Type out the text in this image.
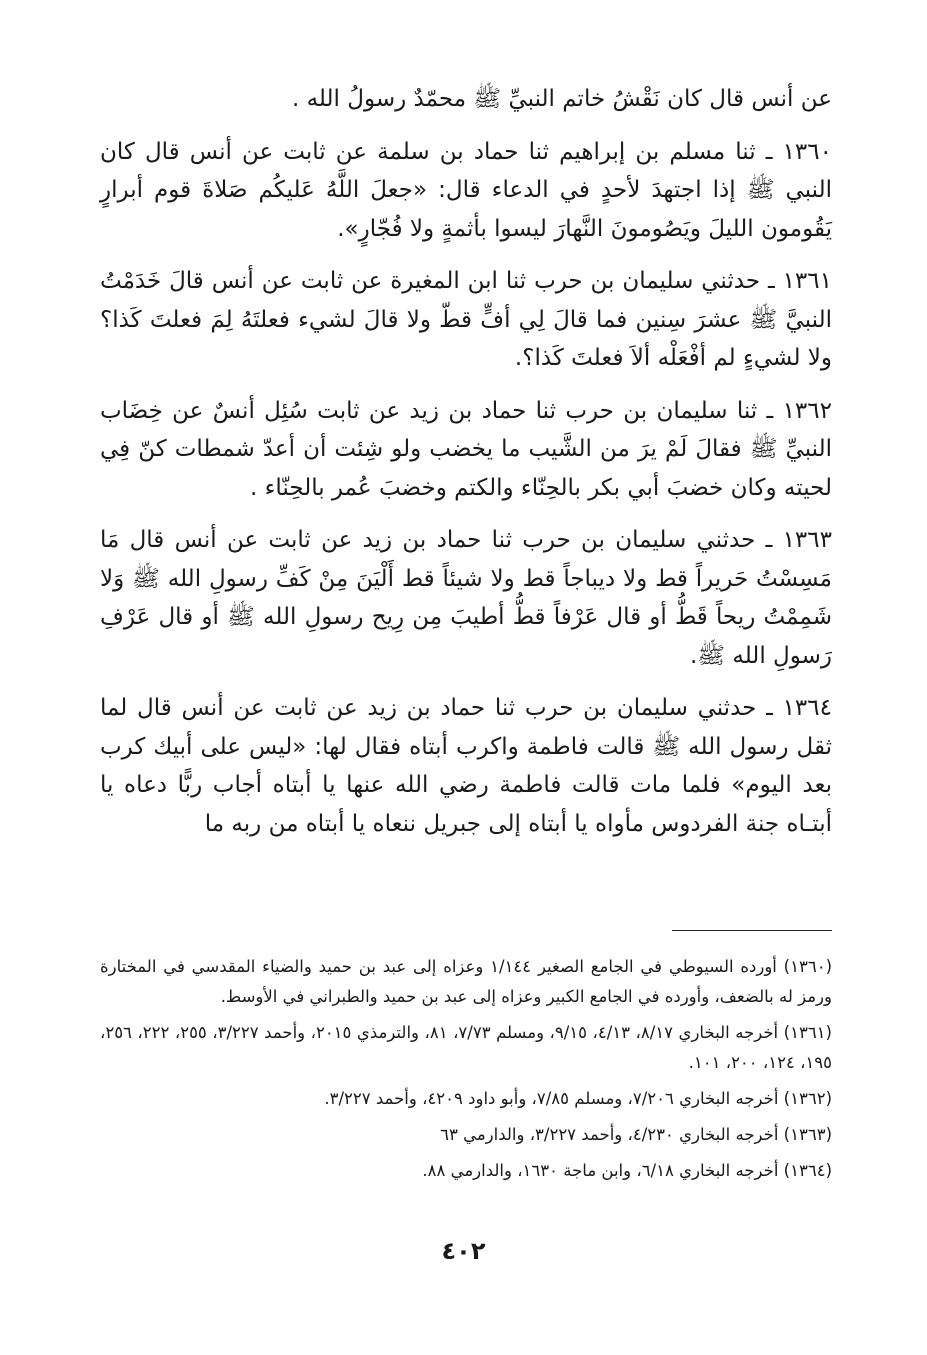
عن أنس قال كان نَقْشُ خاتم النبيِّ ﷺ محمّدٌ رسولُ الله .

١٣٦٠ ـ ثنا مسلم بن إبراهيم ثنا حماد بن سلمة عن ثابت عن أنس قال كان النبي ﷺ إذا اجتهدَ لأحدٍ في الدعاء قال: «جعلَ اللَّهُ عَليكُم صَلاةَ قوم أبرارٍ يَقُومون الليلَ ويَصُومونَ النَّهارَ ليسوا بأثمةٍ ولا فُجّارٍ».

١٣٦١ ـ حدثني سليمان بن حرب ثنا ابن المغيرة عن ثابت عن أنس قالَ خَدَمْتُ النبيَّ ﷺ عشرَ سِنين فما قالَ لِي أفٍّ قطّ ولا قالَ لشيء فعلتَهُ لِمَ فعلتَ كَذا؟ ولا لشيءٍ لم أفْعَلْه ألاَ فعلتَ كَذا؟.

١٣٦٢ ـ ثنا سليمان بن حرب ثنا حماد بن زيد عن ثابت سُئِل أنسٌ عن خِضَاب النبيِّ ﷺ فقالَ لَمْ يرَ من الشَّيب ما يخضب ولو شِئت أن أعدّ شمطات كنّ فِي لحيته وكان خضبَ أبي بكر بالحِنّاء والكتم وخضبَ عُمر بالحِنّاء .

١٣٦٣ ـ حدثني سليمان بن حرب ثنا حماد بن زيد عن ثابت عن أنس قال مَا مَسِسْتُ حَريراً قط ولا ديباجاً قط ولا شيئاً قط أَلْيَنَ مِنْ كَفِّ رسولِ الله ﷺ وَلا شَمِمْتُ ريحاً قَطُّ أو قال عَرْفاً قطُّ أطيبَ مِن رِيح رسولِ الله ﷺ أو قال عَرْفِ رَسولِ الله ﷺ.

١٣٦٤ ـ حدثني سليمان بن حرب ثنا حماد بن زيد عن ثابت عن أنس قال لما ثقل رسول الله ﷺ قالت فاطمة واكرب أبتاه فقال لها: «ليس على أبيك كرب بعد اليوم» فلما مات قالت فاطمة رضي الله عنها يا أبتاه أجاب ربًّا دعاه يا أبتـاه جنة الفردوس مأواه يا أبتاه إلى جبريل ننعاه يا أبتاه من ربه ما

(١٣٦٠) أورده السيوطي في الجامع الصغير ١/١٤٤ وعزاه إلى عبد بن حميد والضياء المقدسي في المختارة ورمز له بالضعف، وأورده في الجامع الكبير وعزاه إلى عبد بن حميد والطبراني في الأوسط.

(١٣٦١) أخرجه البخاري ٨/١٧، ٤/١٣، ٩/١٥، ومسلم ٧/٧٣، ٨١، والترمذي ٢٠١٥، وأحمد ٣/٢٢٧، ٢٥٥، ٢٢٢، ٢٥٦، ١٩٥، ١٢٤، ٢٠٠، ١٠١.

(١٣٦٢) أخرجه البخاري ٧/٢٠٦، ومسلم ٧/٨٥، وأبو داود ٤٢٠٩، وأحمد ٣/٢٢٧.

(١٣٦٣) أخرجه البخاري ٤/٢٣٠، وأحمد ٣/٢٢٧، والدارمي ٦٣

(١٣٦٤) أخرجه البخاري ٦/١٨، وابن ماجة ١٦٣٠، والدارمي ٨٨.

٤٠٢
